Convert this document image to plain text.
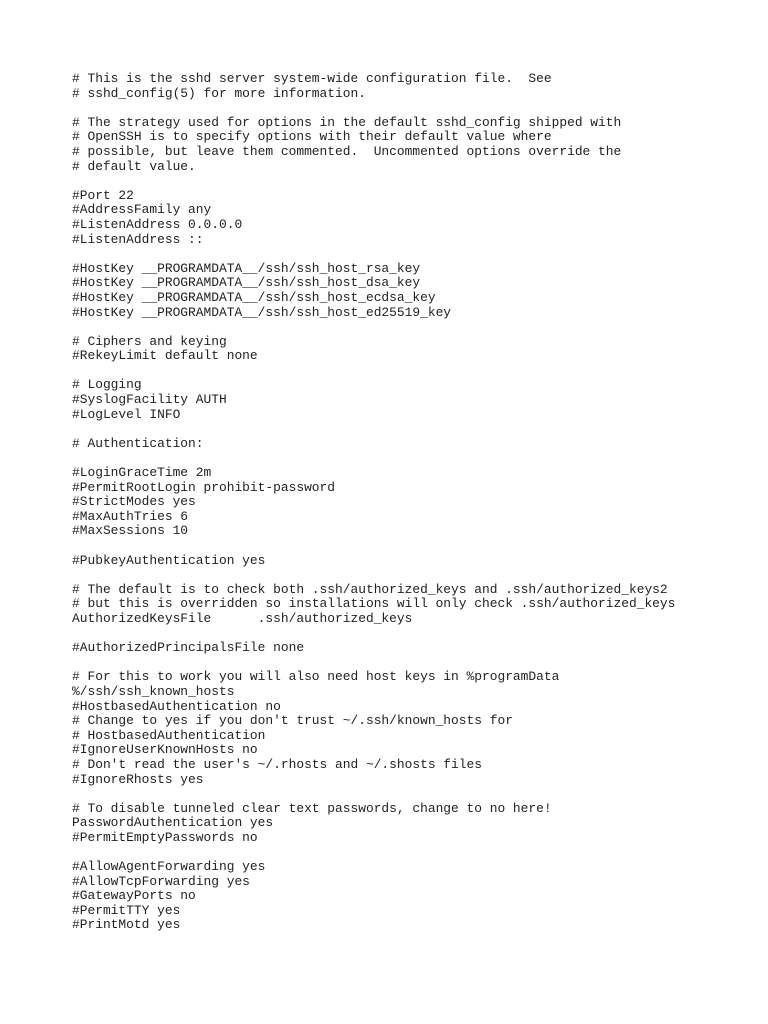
# This is the sshd server system-wide configuration file.  See
# sshd_config(5) for more information.
# The strategy used for options in the default sshd_config shipped with
# OpenSSH is to specify options with their default value where
# possible, but leave them commented.  Uncommented options override the
# default value.
#Port 22
#AddressFamily any
#ListenAddress 0.0.0.0
#ListenAddress ::
#HostKey __PROGRAMDATA__/ssh/ssh_host_rsa_key
#HostKey __PROGRAMDATA__/ssh/ssh_host_dsa_key
#HostKey __PROGRAMDATA__/ssh/ssh_host_ecdsa_key
#HostKey __PROGRAMDATA__/ssh/ssh_host_ed25519_key
# Ciphers and keying
#RekeyLimit default none
# Logging
#SyslogFacility AUTH
#LogLevel INFO
# Authentication:
#LoginGraceTime 2m
#PermitRootLogin prohibit-password
#StrictModes yes
#MaxAuthTries 6
#MaxSessions 10
#PubkeyAuthentication yes
# The default is to check both .ssh/authorized_keys and .ssh/authorized_keys2
# but this is overridden so installations will only check .ssh/authorized_keys
AuthorizedKeysFile      .ssh/authorized_keys
#AuthorizedPrincipalsFile none
# For this to work you will also need host keys in %programData
%/ssh/ssh_known_hosts
#HostbasedAuthentication no
# Change to yes if you don't trust ~/.ssh/known_hosts for
# HostbasedAuthentication
#IgnoreUserKnownHosts no
# Don't read the user's ~/.rhosts and ~/.shosts files
#IgnoreRhosts yes
# To disable tunneled clear text passwords, change to no here!
PasswordAuthentication yes
#PermitEmptyPasswords no
#AllowAgentForwarding yes
#AllowTcpForwarding yes
#GatewayPorts no
#PermitTTY yes
#PrintMotd yes
